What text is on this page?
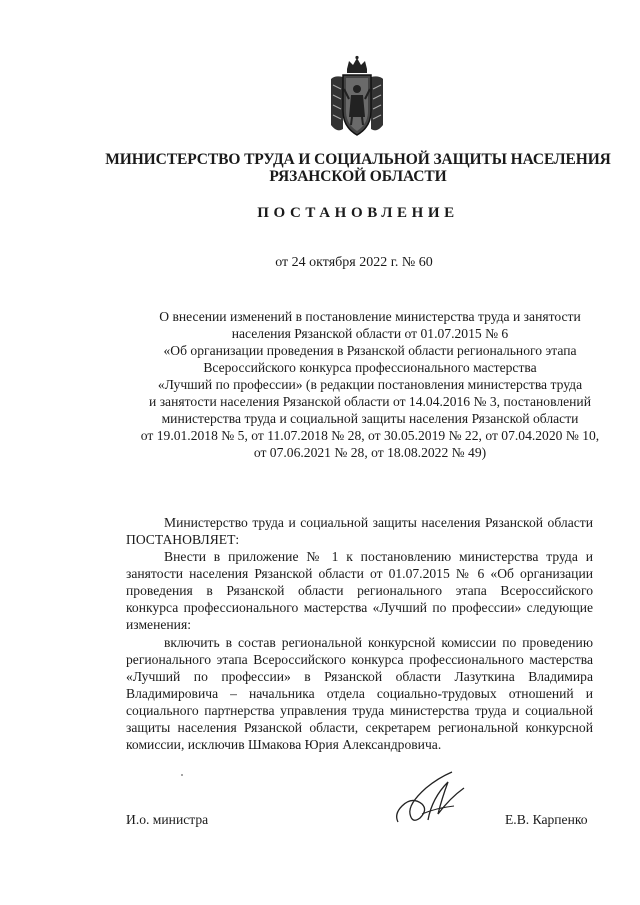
МИНИСТЕРСТВО ТРУДА И СОЦИАЛЬНОЙ ЗАЩИТЫ НАСЕЛЕНИЯ
РЯЗАНСКОЙ ОБЛАСТИ
ПОСТАНОВЛЕНИЕ
от 24 октября 2022 г. № 60
О внесении изменений в постановление министерства труда и занятости
населения Рязанской области от 01.07.2015 № 6
«Об организации проведения в Рязанской области регионального этапа
Всероссийского конкурса профессионального мастерства
«Лучший по профессии» (в редакции постановления министерства труда
и занятости населения Рязанской области от 14.04.2016 № 3, постановлений
министерства труда и социальной защиты населения Рязанской области
от 19.01.2018 № 5, от 11.07.2018 № 28, от 30.05.2019 № 22, от 07.04.2020 № 10,
от 07.06.2021 № 28, от 18.08.2022 № 49)
Министерство труда и социальной защиты населения Рязанской области
ПОСТАНОВЛЯЕТ:
Внести в приложение № 1 к постановлению министерства труда и
занятости населения Рязанской области от 01.07.2015 № 6 «Об организации
проведения в Рязанской области регионального этапа Всероссийского
конкурса профессионального мастерства «Лучший по профессии» следующие
изменения:
включить в состав региональной конкурсной комиссии по проведению
регионального этапа Всероссийского конкурса профессионального мастерства
«Лучший по профессии» в Рязанской области Лазуткина Владимира
Владимировича – начальника отдела социально-трудовых отношений и
социального партнерства управления труда министерства труда и социальной
защиты населения Рязанской области, секретарем региональной конкурсной
комиссии, исключив Шмакова Юрия Александровича.
И.о. министра	Е.В. Карпенко
